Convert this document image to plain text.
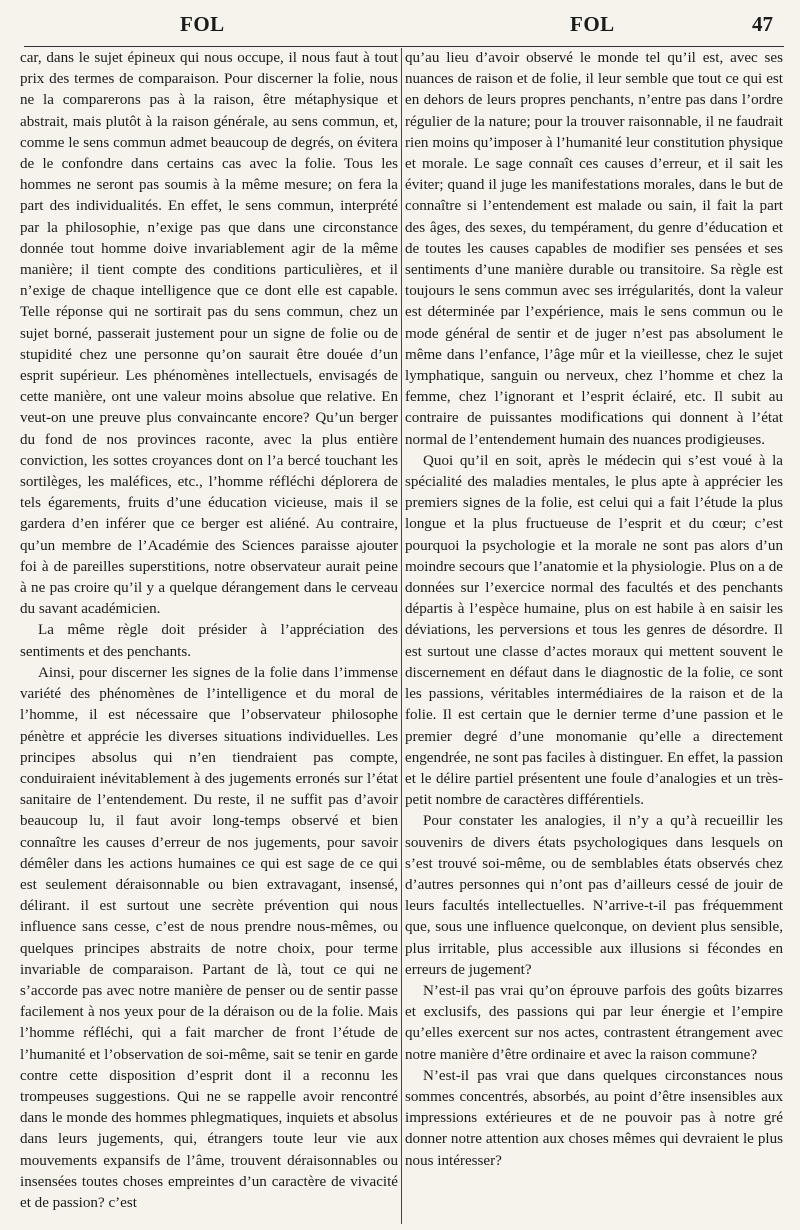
FOL	FOL	47

car, dans le sujet épineux qui nous occupe, il nous faut à tout prix des termes de comparaison. Pour discerner la folie, nous ne la comparerons pas à la raison, être métaphysique et abstrait, mais plutôt à la raison générale, au sens commun, et, comme le sens commun admet beaucoup de degrés, on évitera de le confondre dans certains cas avec la folie. Tous les hommes ne seront pas soumis à la même mesure; on fera la part des individualités. En effet, le sens commun, interprété par la philosophie, n’exige pas que dans une circonstance donnée tout homme doive invariablement agir de la même manière; il tient compte des conditions particulières, et il n’exige de chaque intelligence que ce dont elle est capable. Telle réponse qui ne sortirait pas du sens commun, chez un sujet borné, passerait justement pour un signe de folie ou de stupidité chez une personne qu’on saurait être douée d’un esprit supérieur. Les phénomènes intellectuels, envisagés de cette manière, ont une valeur moins absolue que relative. En veut-on une preuve plus convaincante encore? Qu’un berger du fond de nos provinces raconte, avec la plus entière conviction, les sottes croyances dont on l’a bercé touchant les sortilèges, les maléfices, etc., l’homme réfléchi déplorera de tels égarements, fruits d’une éducation vicieuse, mais il se gardera d’en inférer que ce berger est aliéné. Au contraire, qu’un membre de l’Académie des Sciences paraisse ajouter foi à de pareilles superstitions, notre observateur aurait peine à ne pas croire qu’il y a quelque dérangement dans le cerveau du savant académicien.

La même règle doit présider à l’appréciation des sentiments et des penchants.

Ainsi, pour discerner les signes de la folie dans l’immense variété des phénomènes de l’intelligence et du moral de l’homme, il est nécessaire que l’observateur philosophe pénètre et apprécie les diverses situations individuelles. Les principes absolus qui n’en tiendraient pas compte, conduiraient inévitablement à des jugements erronés sur l’état sanitaire de l’entendement. Du reste, il ne suffit pas d’avoir beaucoup lu, il faut avoir long-temps observé et bien connaître les causes d’erreur de nos jugements, pour savoir démêler dans les actions humaines ce qui est sage de ce qui est seulement déraisonnable ou bien extravagant, insensé, délirant. il est surtout une secrète prévention qui nous influence sans cesse, c’est de nous prendre nous-mêmes, ou quelques principes abstraits de notre choix, pour terme invariable de comparaison. Partant de là, tout ce qui ne s’accorde pas avec notre manière de penser ou de sentir passe facilement à nos yeux pour de la déraison ou de la folie. Mais l’homme réfléchi, qui a fait marcher de front l’étude de l’humanité et l’observation de soi-même, sait se tenir en garde contre cette disposition d’esprit dont il a reconnu les trompeuses suggestions. Qui ne se rappelle avoir rencontré dans le monde des hommes phlegmatiques, inquiets et absolus dans leurs jugements, qui, étrangers toute leur vie aux mouvements expansifs de l’âme, trouvent déraisonnables ou insensées toutes choses empreintes d’un caractère de vivacité et de passion? c’est

qu’au lieu d’avoir observé le monde tel qu’il est, avec ses nuances de raison et de folie, il leur semble que tout ce qui est en dehors de leurs propres penchants, n’entre pas dans l’ordre régulier de la nature; pour la trouver raisonnable, il ne faudrait rien moins qu’imposer à l’humanité leur constitution physique et morale. Le sage connaît ces causes d’erreur, et il sait les éviter; quand il juge les manifestations morales, dans le but de connaître si l’entendement est malade ou sain, il fait la part des âges, des sexes, du tempérament, du genre d’éducation et de toutes les causes capables de modifier ses pensées et ses sentiments d’une manière durable ou transitoire. Sa règle est toujours le sens commun avec ses irrégularités, dont la valeur est déterminée par l’expérience, mais le sens commun ou le mode général de sentir et de juger n’est pas absolument le même dans l’enfance, l’âge mûr et la vieillesse, chez le sujet lymphatique, sanguin ou nerveux, chez l’homme et chez la femme, chez l’ignorant et l’esprit éclairé, etc. Il subit au contraire de puissantes modifications qui donnent à l’état normal de l’entendement humain des nuances prodigieuses.

Quoi qu’il en soit, après le médecin qui s’est voué à la spécialité des maladies mentales, le plus apte à apprécier les premiers signes de la folie, est celui qui a fait l’étude la plus longue et la plus fructueuse de l’esprit et du cœur; c’est pourquoi la psychologie et la morale ne sont pas alors d’un moindre secours que l’anatomie et la physiologie. Plus on a de données sur l’exercice normal des facultés et des penchants départis à l’espèce humaine, plus on est habile à en saisir les déviations, les perversions et tous les genres de désordre. Il est surtout une classe d’actes moraux qui mettent souvent le discernement en défaut dans le diagnostic de la folie, ce sont les passions, véritables intermédiaires de la raison et de la folie. Il est certain que le dernier terme d’une passion et le premier degré d’une monomanie qu’elle a directement engendrée, ne sont pas faciles à distinguer. En effet, la passion et le délire partiel présentent une foule d’analogies et un très-petit nombre de caractères différentiels.

Pour constater les analogies, il n’y a qu’à recueillir les souvenirs de divers états psychologiques dans lesquels on s’est trouvé soi-même, ou de semblables états observés chez d’autres personnes qui n’ont pas d’ailleurs cessé de jouir de leurs facultés intellectuelles. N’arrive-t-il pas fréquemment que, sous une influence quelconque, on devient plus sensible, plus irritable, plus accessible aux illusions si fécondes en erreurs de jugement?

N’est-il pas vrai qu’on éprouve parfois des goûts bizarres et exclusifs, des passions qui par leur énergie et l’empire qu’elles exercent sur nos actes, contrastent étrangement avec notre manière d’être ordinaire et avec la raison commune?

N’est-il pas vrai que dans quelques circonstances nous sommes concentrés, absorbés, au point d’être insensibles aux impressions extérieures et de ne pouvoir pas à notre gré donner notre attention aux choses mêmes qui devraient le plus nous intéresser?
